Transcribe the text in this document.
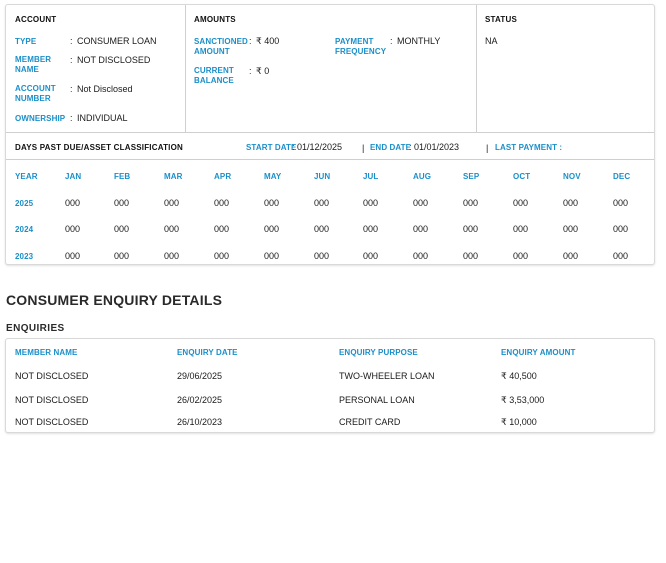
ACCOUNT
TYPE	: CONSUMER LOAN
MEMBER
NAME
: NOT DISCLOSED
ACCOUNT
NUMBER
: Not Disclosed
OWNERSHIP : INDIVIDUAL
AMOUNTS
SANCTIONED
AMOUNT
: ₹ 400
CURRENT
BALANCE
: ₹ 0
PAYMENT
FREQUENCY
: MONTHLY
STATUS
NA
DAYS PAST DUE/ASSET CLASSIFICATION	START DATE
: 01/12/2025 | END DATE
: 01/01/2023	| LAST PAYMENT :
YEAR	JAN	FEB	MAR	APR	MAY	JUN	JUL	AUG	SEP	OCT	NOV	DEC
2025	000	000	000	000	000	000	000	000	000	000	000	000
2024	000	000	000	000	000	000	000	000	000	000	000	000
2023	000	000	000	000	000	000	000	000	000	000	000	000
CONSUMER ENQUIRY DETAILS
ENQUIRIES
MEMBER NAME	ENQUIRY DATE	ENQUIRY PURPOSE	ENQUIRY AMOUNT
NOT DISCLOSED	29/06/2025	TWO-WHEELER LOAN	₹ 40,500
NOT DISCLOSED	26/02/2025	PERSONAL LOAN	₹ 3,53,000
NOT DISCLOSED	26/10/2023	CREDIT CARD	₹ 10,000
